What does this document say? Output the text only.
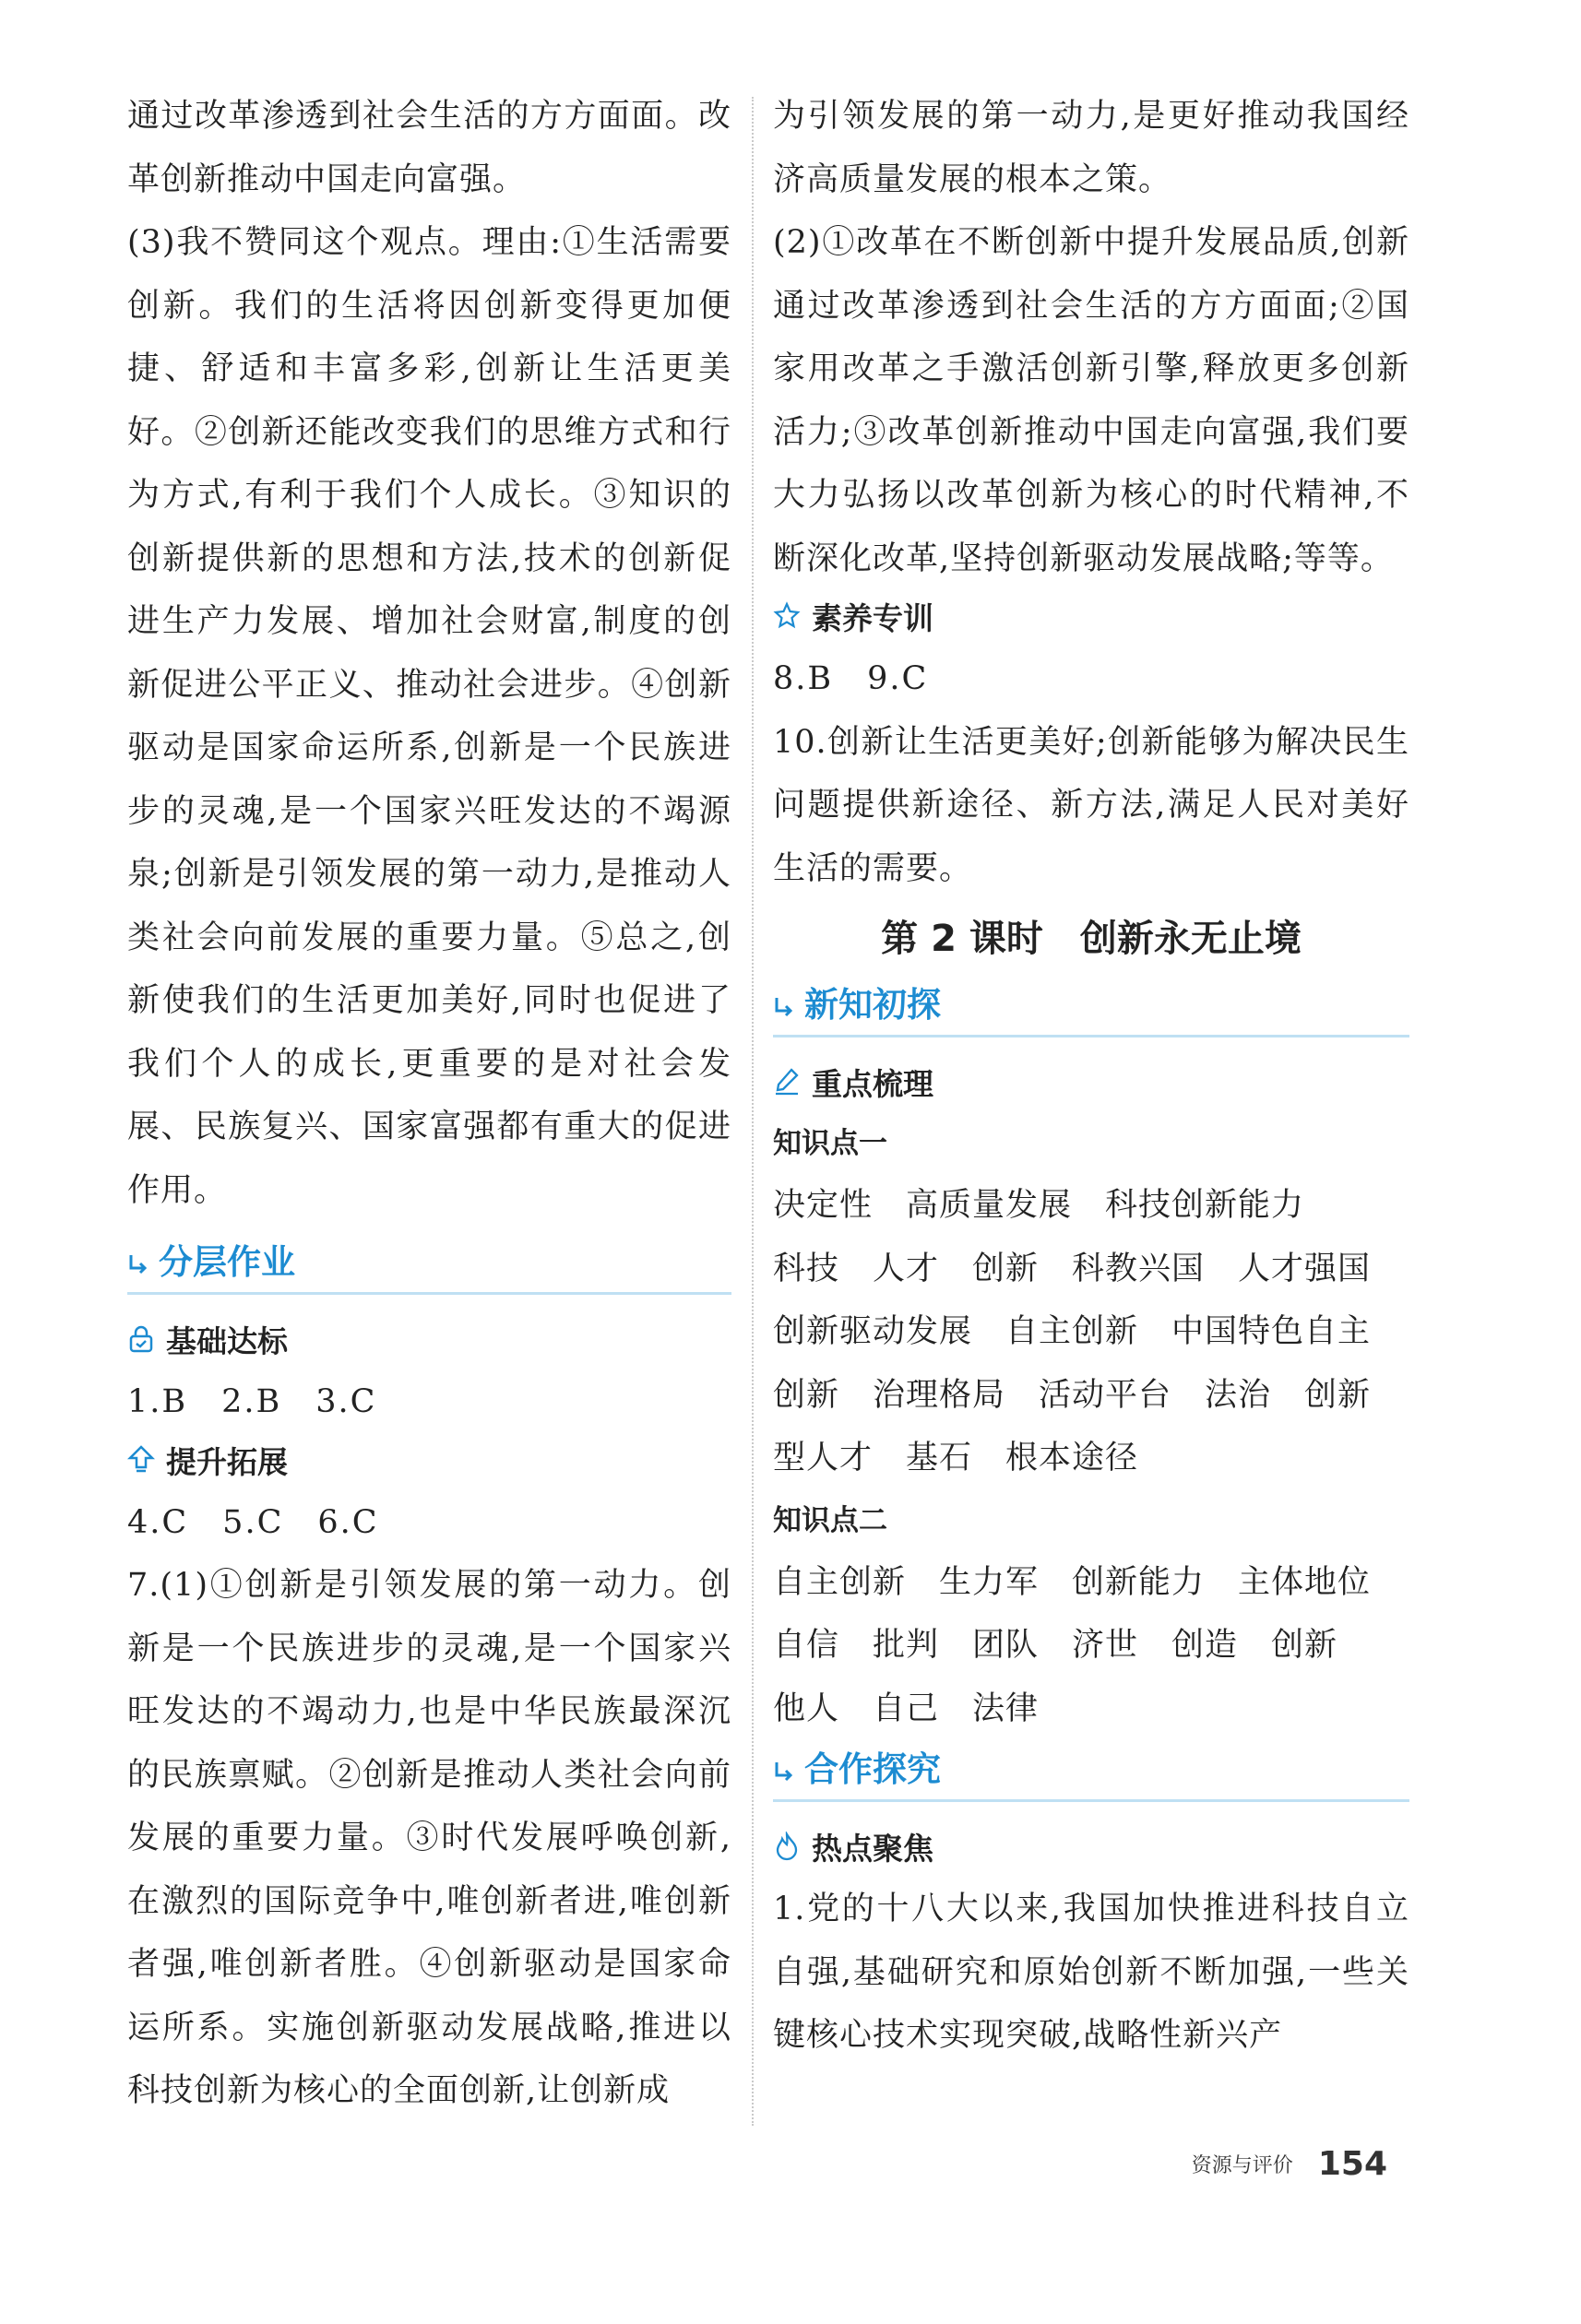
通过改革渗透到社会生活的方方面面。改革创新推动中国走向富强。
(3)我不赞同这个观点。理由:①生活需要创新。我们的生活将因创新变得更加便捷、舒适和丰富多彩,创新让生活更美好。②创新还能改变我们的思维方式和行为方式,有利于我们个人成长。③知识的创新提供新的思想和方法,技术的创新促进生产力发展、增加社会财富,制度的创新促进公平正义、推动社会进步。④创新驱动是国家命运所系,创新是一个民族进步的灵魂,是一个国家兴旺发达的不竭源泉;创新是引领发展的第一动力,是推动人类社会向前发展的重要力量。⑤总之,创新使我们的生活更加美好,同时也促进了我们个人的成长,更重要的是对社会发展、民族复兴、国家富强都有重大的促进作用。
分层作业
基础达标
1.B　2.B　3.C
提升拓展
4.C　5.C　6.C
7.(1)①创新是引领发展的第一动力。创新是一个民族进步的灵魂,是一个国家兴旺发达的不竭动力,也是中华民族最深沉的民族禀赋。②创新是推动人类社会向前发展的重要力量。③时代发展呼唤创新,在激烈的国际竞争中,唯创新者进,唯创新者强,唯创新者胜。④创新驱动是国家命运所系。实施创新驱动发展战略,推进以科技创新为核心的全面创新,让创新成
为引领发展的第一动力,是更好推动我国经济高质量发展的根本之策。
(2)①改革在不断创新中提升发展品质,创新通过改革渗透到社会生活的方方面面;②国家用改革之手激活创新引擎,释放更多创新活力;③改革创新推动中国走向富强,我们要大力弘扬以改革创新为核心的时代精神,不断深化改革,坚持创新驱动发展战略;等等。
素养专训
8.B　9.C
10.创新让生活更美好;创新能够为解决民生问题提供新途径、新方法,满足人民对美好生活的需要。
第 2 课时　创新永无止境
新知初探
重点梳理
知识点一
决定性　高质量发展　科技创新能力
科技　人才　创新　科教兴国　人才强国
创新驱动发展　自主创新　中国特色自主
创新　治理格局　活动平台　法治　创新
型人才　基石　根本途径
知识点二
自主创新　生力军　创新能力　主体地位
自信　批判　团队　济世　创造　创新
他人　自己　法律
合作探究
热点聚焦
1.党的十八大以来,我国加快推进科技自立自强,基础研究和原始创新不断加强,一些关键核心技术实现突破,战略性新兴产
资源与评价 154
